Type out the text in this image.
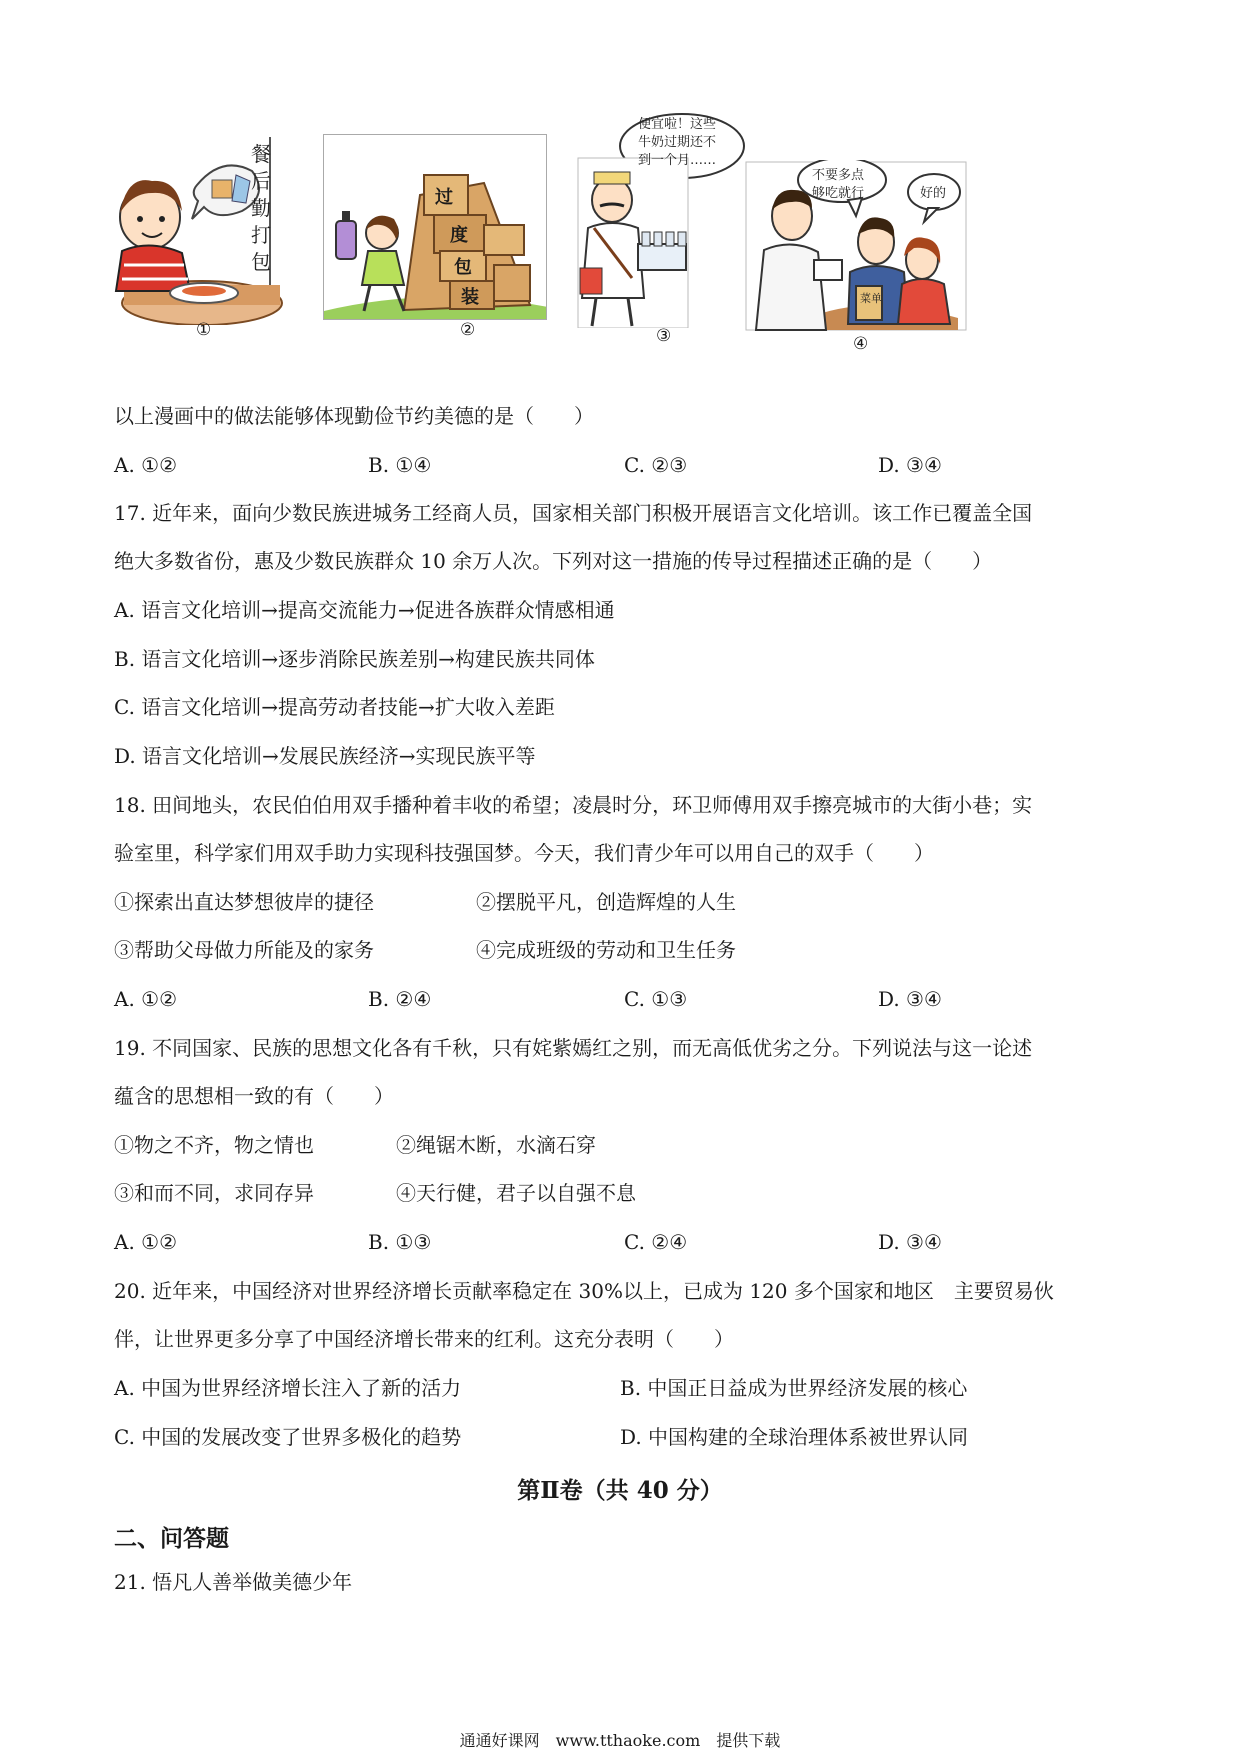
餐
后
勤
打
包
①
过
度
包
装
②
便宜啦！这些
牛奶过期还不
到一个月……
③
不要多点
够吃就行	好的
菜单
④
以上漫画中的做法能够体现勤俭节约美德的是（　　）
A. ①②	B. ①④	C. ②③	D. ③④
17. 近年来，面向少数民族进城务工经商人员，国家相关部门积极开展语言文化培训。该工作已覆盖全国
绝大多数省份，惠及少数民族群众 10 余万人次。下列对这一措施的传导过程描述正确的是（　　）
A. 语言文化培训→提高交流能力→促进各族群众情感相通
B. 语言文化培训→逐步消除民族差别→构建民族共同体
C. 语言文化培训→提高劳动者技能→扩大收入差距
D. 语言文化培训→发展民族经济→实现民族平等
18. 田间地头，农民伯伯用双手播种着丰收的希望；凌晨时分，环卫师傅用双手擦亮城市的大街小巷；实
验室里，科学家们用双手助力实现科技强国梦。今天，我们青少年可以用自己的双手（　　）
①探索出直达梦想彼岸的捷径	②摆脱平凡，创造辉煌的人生
③帮助父母做力所能及的家务	④完成班级的劳动和卫生任务
A. ①②	B. ②④	C. ①③	D. ③④
19. 不同国家、民族的思想文化各有千秋，只有姹紫嫣红之别，而无高低优劣之分。下列说法与这一论述
蕴含的思想相一致的有（　　）
①物之不齐，物之情也	②绳锯木断，水滴石穿
③和而不同，求同存异	④天行健，君子以自强不息
A. ①②	B. ①③	C. ②④	D. ③④
20. 近年来，中国经济对世界经济增长贡献率稳定在 30%以上，已成为 120 多个国家和地区　主要贸易伙
伴，让世界更多分享了中国经济增长带来的红利。这充分表明（　　）
A. 中国为世界经济增长注入了新的活力	B. 中国正日益成为世界经济发展的核心
C. 中国的发展改变了世界多极化的趋势	D. 中国构建的全球治理体系被世界认同
第Ⅱ卷（共 40 分）
二、问答题
21. 悟凡人善举做美德少年
通通好课网　www.tthaoke.com　提供下载
